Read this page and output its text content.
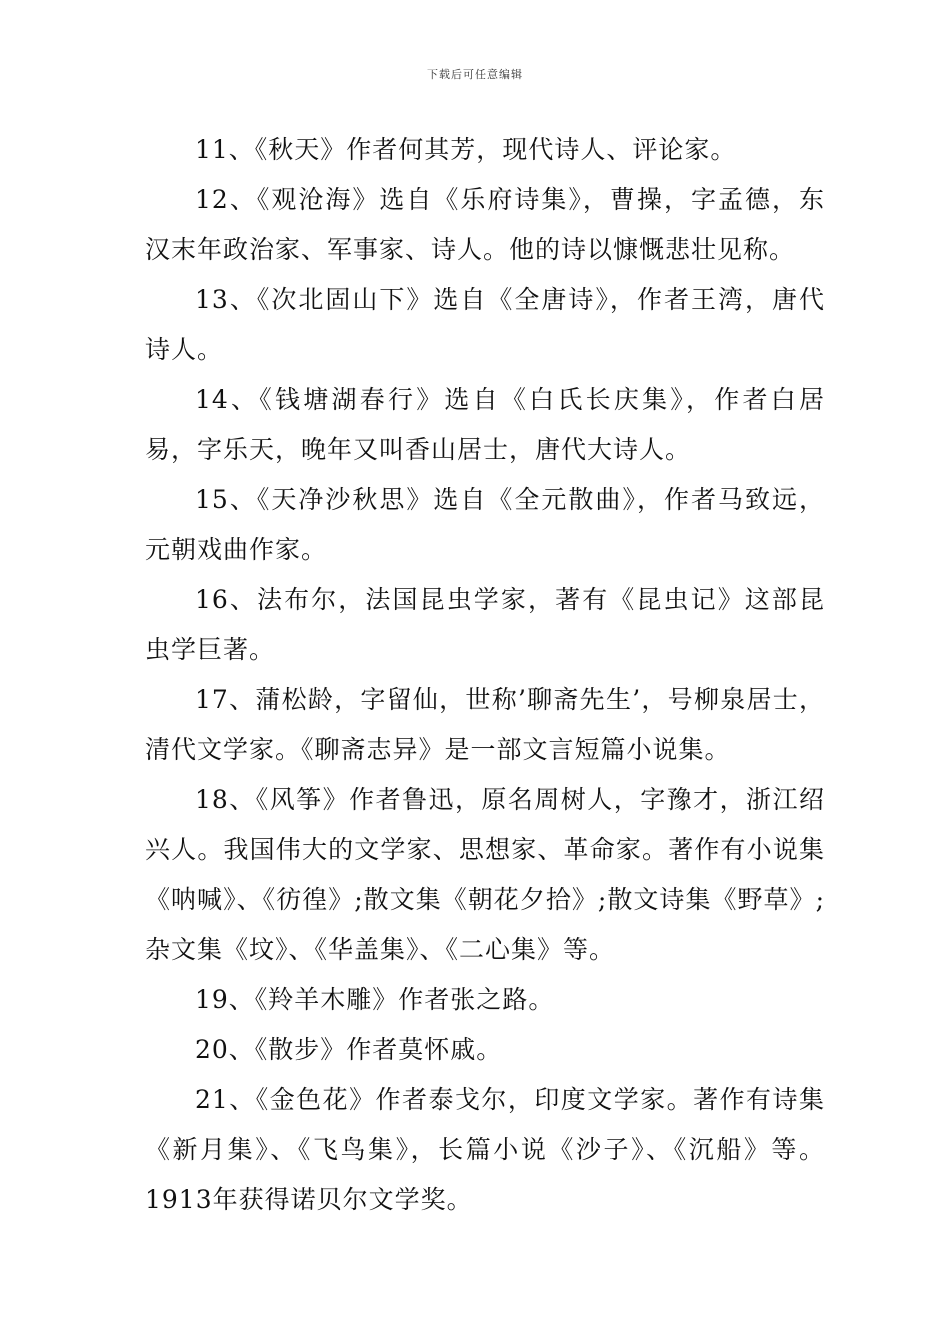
下载后可任意编辑

11、《秋天》作者何其芳，现代诗人、评论家。

12、《观沧海》选自《乐府诗集》，曹操，字孟德，东汉末年政治家、军事家、诗人。他的诗以慷慨悲壮见称。

13、《次北固山下》选自《全唐诗》，作者王湾，唐代诗人。

14、《钱塘湖春行》选自《白氏长庆集》，作者白居易，字乐天，晚年又叫香山居士，唐代大诗人。

15、《天净沙秋思》选自《全元散曲》，作者马致远，元朝戏曲作家。

16、法布尔，法国昆虫学家，著有《昆虫记》这部昆虫学巨著。

17、蒲松龄，字留仙，世称’聊斋先生’，号柳泉居士，清代文学家。《聊斋志异》是一部文言短篇小说集。

18、《风筝》作者鲁迅，原名周树人，字豫才，浙江绍兴人。我国伟大的文学家、思想家、革命家。著作有小说集《呐喊》、《彷徨》;散文集《朝花夕拾》;散文诗集《野草》;杂文集《坟》、《华盖集》、《二心集》等。

19、《羚羊木雕》作者张之路。

20、《散步》作者莫怀戚。

21、《金色花》作者泰戈尔，印度文学家。著作有诗集《新月集》、《飞鸟集》，长篇小说《沙子》、《沉船》等。1913年获得诺贝尔文学奖。
